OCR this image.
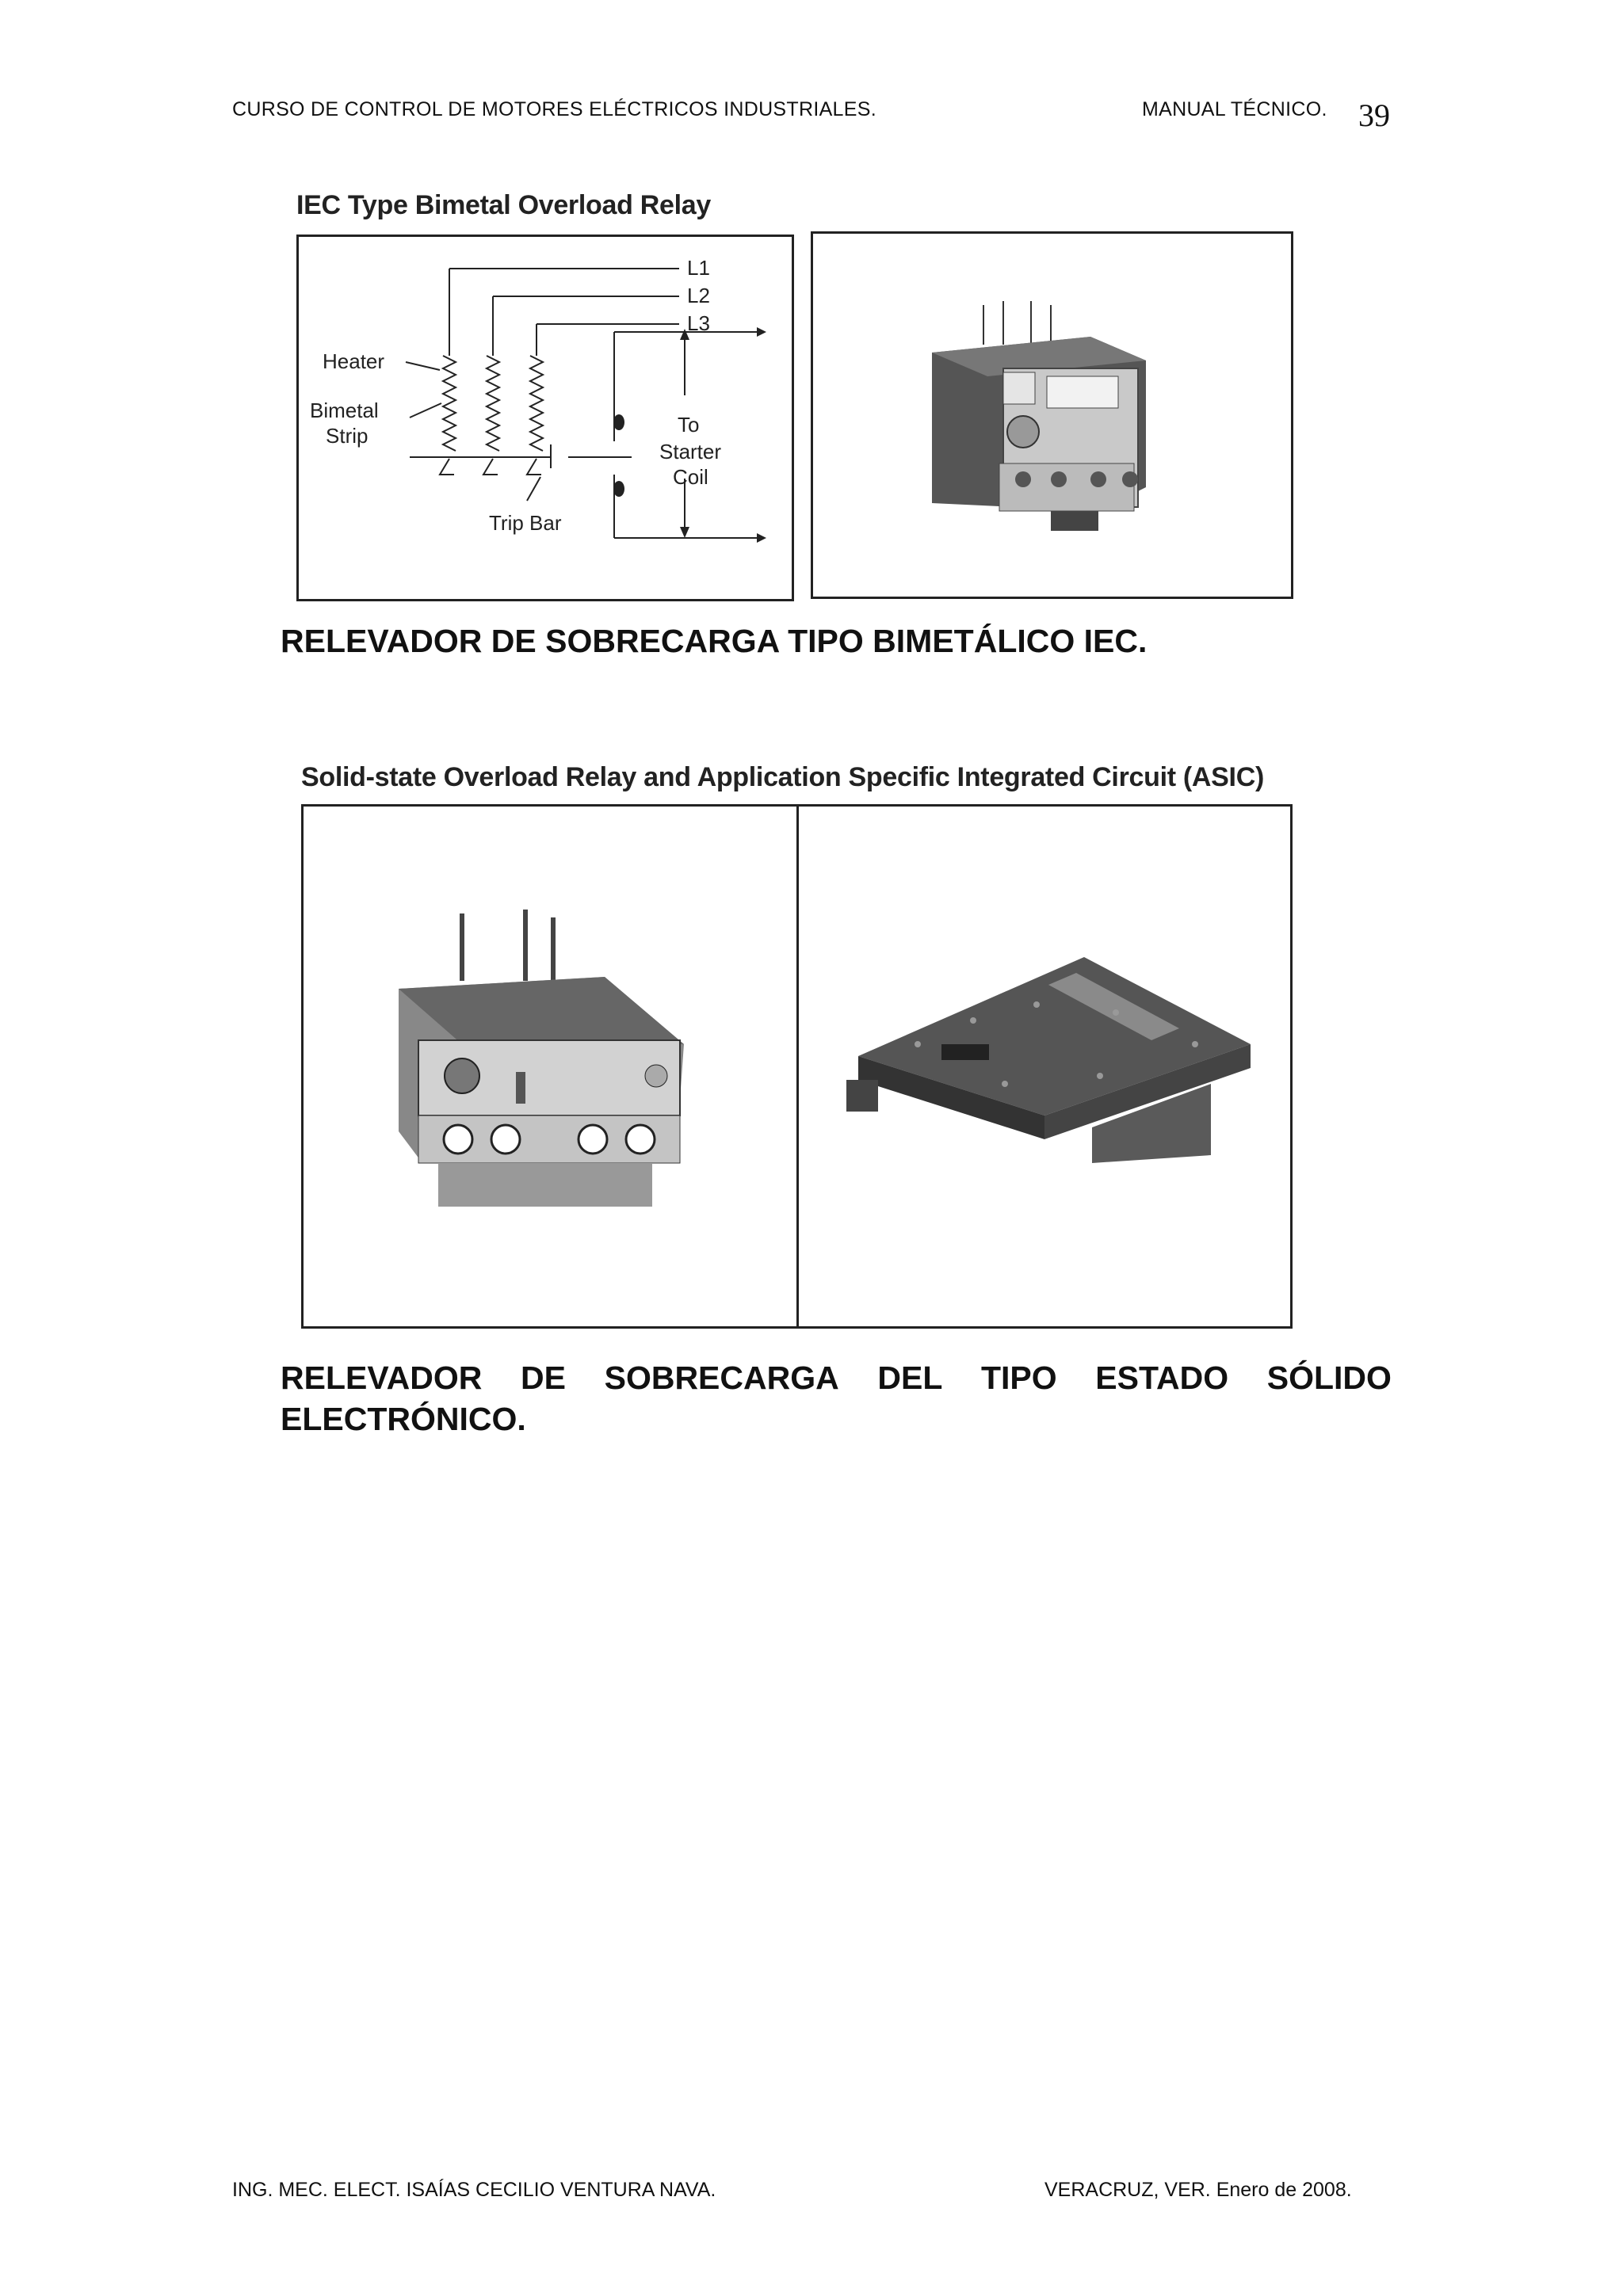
CURSO DE CONTROL DE MOTORES ELÉCTRICOS INDUSTRIALES.	MANUAL TÉCNICO. 39
IEC Type Bimetal Overload Relay
L1
L2
L3
Heater
Bimetal
Strip	To
Starter
Coil
Trip Bar
RELEVADOR DE SOBRECARGA TIPO BIMETÁLICO IEC.
Solid-state Overload Relay and Application Specific Integrated Circuit (ASIC)
RELEVADOR DE SOBRECARGA DEL TIPO ESTADO SÓLIDO
ELECTRÓNICO.
ING. MEC. ELECT. ISAÍAS CECILIO VENTURA NAVA.	VERACRUZ, VER. Enero de 2008.
